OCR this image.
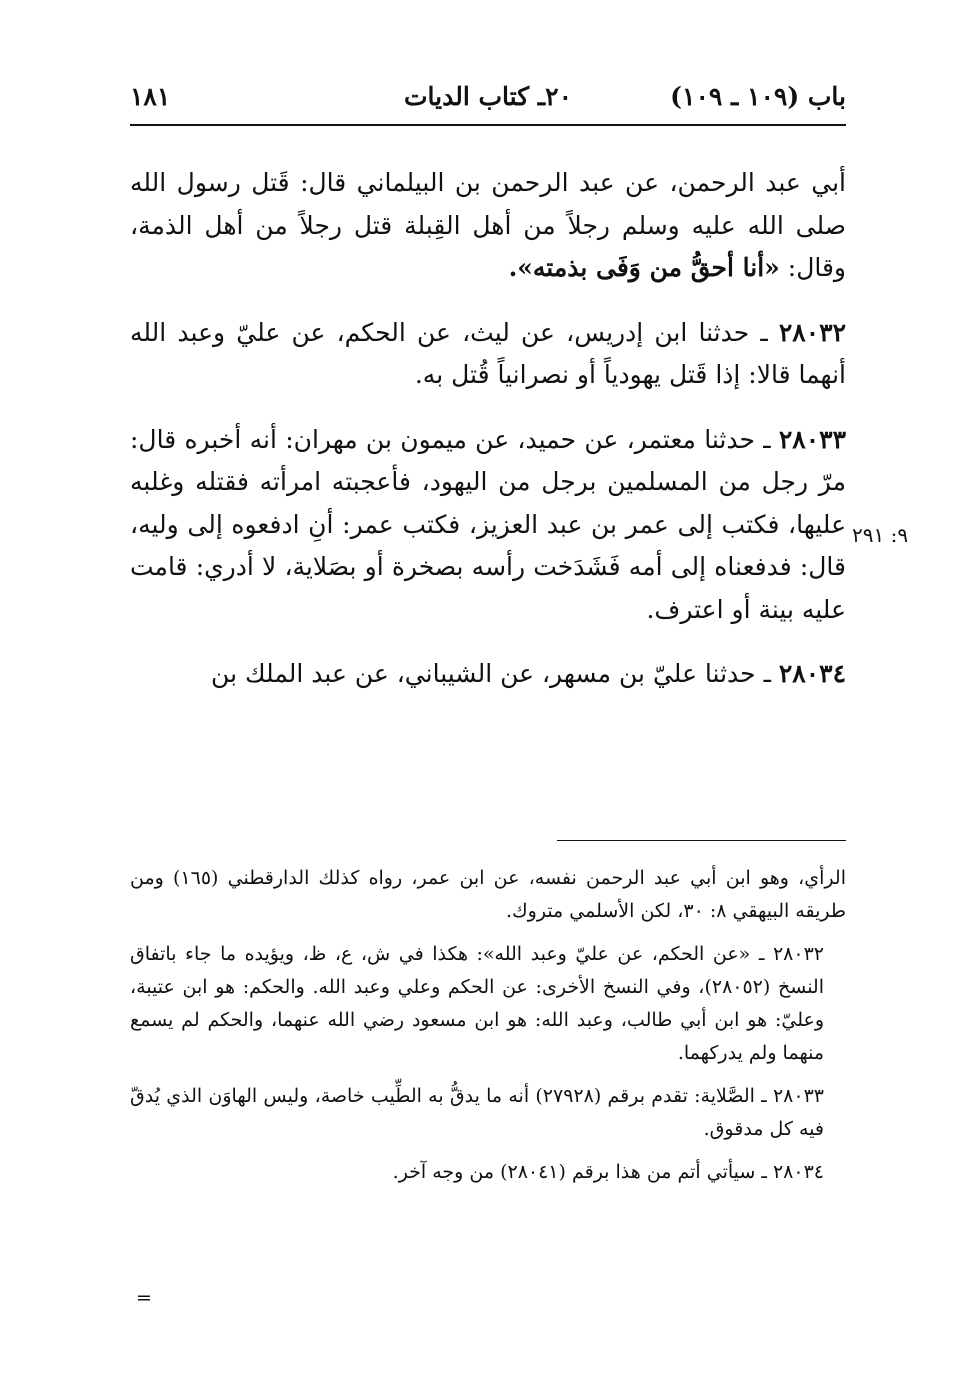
باب (١٠٩ ـ ١٠٩)
٢٠ـ كتاب الديات
١٨١

أبي عبد الرحمن، عن عبد الرحمن بن البيلماني قال: قَتل رسول الله صلى الله عليه وسلم رجلاً من أهل القِبلة قتل رجلاً من أهل الذمة، وقال: «أنا أحقُّ من وَفَى بذمته».

٢٨٠٣٢ ـ حدثنا ابن إدريس، عن ليث، عن الحكم، عن عليّ وعبد الله أنهما قالا: إذا قَتل يهودياً أو نصرانياً قُتل به.

٢٨٠٣٣ ـ حدثنا معتمر، عن حميد، عن ميمون بن مهران: أنه أخبره قال: مرّ رجل من المسلمين برجل من اليهود، فأعجبته امرأته فقتله وغلبه عليها، فكتب إلى عمر بن عبد العزيز، فكتب عمر: أنِ ادفعوه إلى وليه، قال: فدفعناه إلى أمه فَشَدَخت رأسه بصخرة أو بصَلاية، لا أدري: قامت عليه بينة أو اعترف.

٢٨٠٣٤ ـ حدثنا عليّ بن مسهر، عن الشيباني، عن عبد الملك بن

٩: ٢٩١

الرأي، وهو ابن أبي عبد الرحمن نفسه، عن ابن عمر، رواه كذلك الدارقطني (١٦٥) ومن طريقه البيهقي ٨: ٣٠، لكن الأسلمي متروك.

٢٨٠٣٢ ـ «عن الحكم، عن عليّ وعبد الله»: هكذا في ش، ع، ظ، ويؤيده ما جاء باتفاق النسخ (٢٨٠٥٢)، وفي النسخ الأخرى: عن الحكم وعلي وعبد الله. والحكم: هو ابن عتيبة، وعليّ: هو ابن أبي طالب، وعبد الله: هو ابن مسعود رضي الله عنهما، والحكم لم يسمع منهما ولم يدركهما.

٢٨٠٣٣ ـ الصَّلاية: تقدم برقم (٢٧٩٢٨) أنه ما يدقُّ به الطِّيب خاصة، وليس الهاوَن الذي يُدقّ فيه كل مدقوق.

٢٨٠٣٤ ـ سيأتي أتم من هذا برقم (٢٨٠٤١) من وجه آخر.

=
